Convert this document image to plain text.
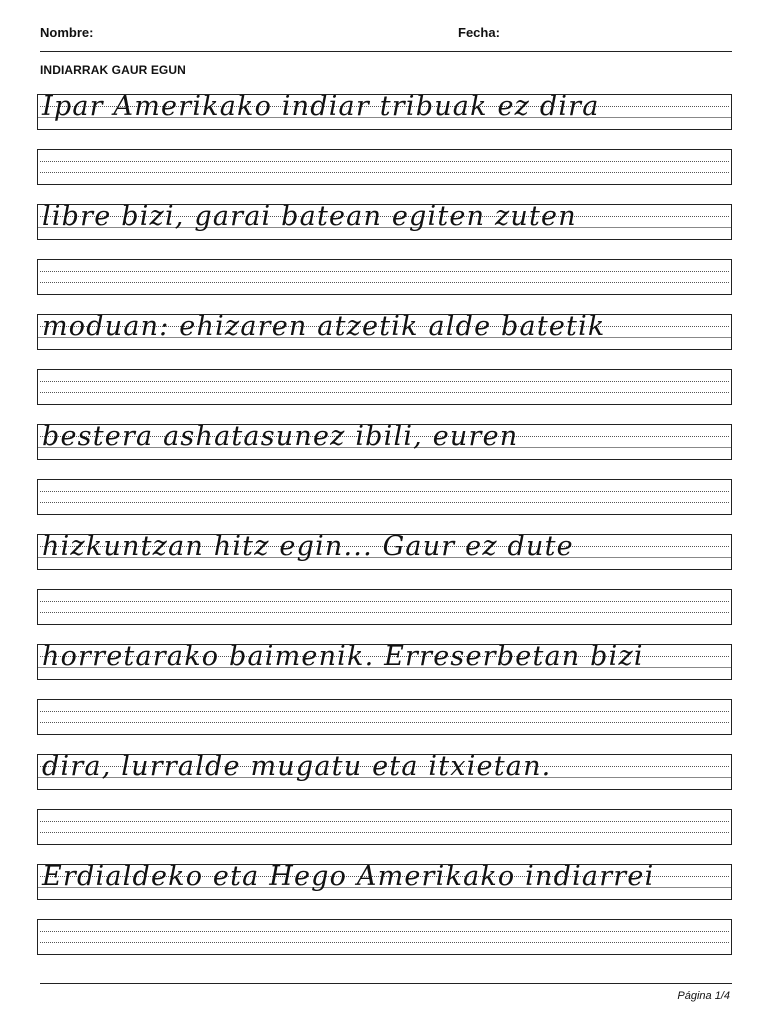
Nombre:	Fecha:
INDIARRAK GAUR EGUN
Ipar Amerikako indiar tribuak ez dira
libre bizi, garai batean egiten zuten
moduan: ehizaren atzetik alde batetik
bestera ashatasunez ibili, euren
hizkuntzan hitz egin... Gaur ez dute
horretarako baimenik. Erreserbetan bizi
dira, lurralde mugatu eta itxietan.
Erdialdeko eta Hego Amerikako indiarrei
Página 1/4
